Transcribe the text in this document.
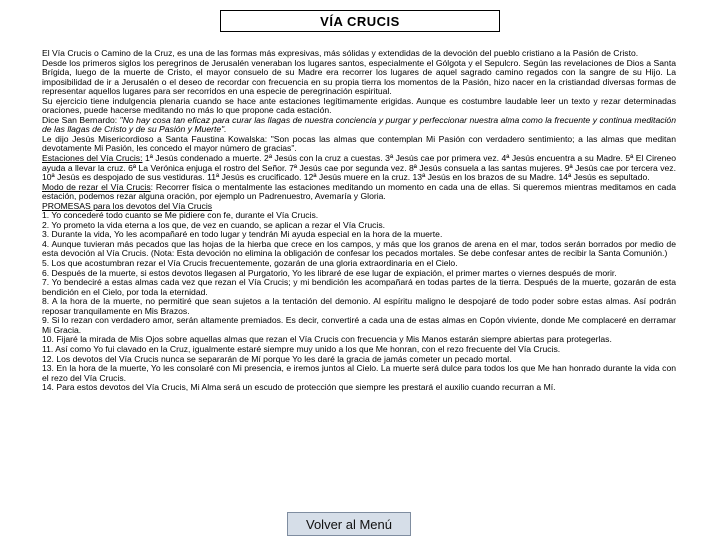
VÍA CRUCIS

El Vía Crucis o Camino de la Cruz, es una de las formas más expresivas, más sólidas y extendidas de la devoción del pueblo cristiano a la Pasión de Cristo.

Desde los primeros siglos los peregrinos de Jerusalén veneraban los lugares santos, especialmente el Gólgota y el Sepulcro. Según las revelaciones de Dios a Santa Brígida, luego de la muerte de Cristo, el mayor consuelo de su Madre era recorrer los lugares de aquel sagrado camino regados con la sangre de su Hijo. La imposibilidad de ir a Jerusalén o el deseo de recordar con frecuencia en su propia tierra los momentos de la Pasión, hizo nacer en la cristiandad diversas formas de representar aquellos lugares para ser recorridos en una especie de peregrinación espiritual.

Su ejercicio tiene indulgencia plenaria cuando se hace ante estaciones legítimamente erigidas. Aunque es costumbre laudable leer un texto y rezar determinadas oraciones, puede hacerse meditando no más lo que propone cada estación.

Dice San Bernardo: "No hay cosa tan eficaz para curar las llagas de nuestra conciencia y purgar y perfeccionar nuestra alma como la frecuente y continua meditación de las llagas de Cristo y de su Pasión y Muerte".

Le dijo Jesús Misericordioso a Santa Faustina Kowalska: "Son pocas las almas que contemplan Mi Pasión con verdadero sentimiento; a las almas que meditan devotamente Mi Pasión, les concedo el mayor número de gracias".

Estaciones del Vía Crucis: 1ª Jesús condenado a muerte. 2ª Jesús con la cruz a cuestas. 3ª Jesús cae por primera vez. 4ª Jesús encuentra a su Madre. 5ª El Cireneo ayuda a llevar la cruz. 6ª La Verónica enjuga el rostro del Señor. 7ª Jesús cae por segunda vez. 8ª Jesús consuela a las santas mujeres. 9ª Jesús cae por tercera vez. 10ª Jesús es despojado de sus vestiduras. 11ª Jesús es crucificado. 12ª Jesús muere en la cruz. 13ª Jesús en los brazos de su Madre. 14ª Jesús es sepultado.

Modo de rezar el Vía Crucis: Recorrer física o mentalmente las estaciones meditando un momento en cada una de ellas. Si queremos mientras meditamos en cada estación, podemos rezar alguna oración, por ejemplo un Padrenuestro, Avemaría y Gloria.

PROMESAS para los devotos del Vía Crucis

1. Yo concederé todo cuanto se Me pidiere con fe, durante el Vía Crucis.

2. Yo prometo la vida eterna a los que, de vez en cuando, se aplican a rezar el Vía Crucis.

3. Durante la vida, Yo les acompañaré en todo lugar y tendrán Mi ayuda especial en la hora de la muerte.

4. Aunque tuvieran más pecados que las hojas de la hierba que crece en los campos, y más que los granos de arena en el mar, todos serán borrados por medio de esta devoción al Vía Crucis. (Nota: Esta devoción no elimina la obligación de confesar los pecados mortales. Se debe confesar antes de recibir la Santa Comunión.)

5. Los que acostumbran rezar el Vía Crucis frecuentemente, gozarán de una gloria extraordinaria en el Cielo.

6. Después de la muerte, si estos devotos llegasen al Purgatorio, Yo les libraré de ese lugar de expiación, el primer martes o viernes después de morir.

7. Yo bendeciré a estas almas cada vez que rezan el Vía Crucis; y mi bendición les acompañará en todas partes de la tierra. Después de la muerte, gozarán de esta bendición en el Cielo, por toda la eternidad.

8. A la hora de la muerte, no permitiré que sean sujetos a la tentación del demonio. Al espíritu maligno le despojaré de todo poder sobre estas almas. Así podrán reposar tranquilamente en Mis Brazos.

9. Si lo rezan con verdadero amor, serán altamente premiados. Es decir, convertiré a cada una de estas almas en Copón viviente, donde Me complaceré en derramar Mi Gracia.

10. Fijaré la mirada de Mis Ojos sobre aquellas almas que rezan el Vía Crucis con frecuencia y Mis Manos estarán siempre abiertas para protegerlas.

11. Así como Yo fui clavado en la Cruz, igualmente estaré siempre muy unido a los que Me honran, con el rezo frecuente del Vía Crucis.

12. Los devotos del Vía Crucis nunca se separarán de Mí porque Yo les daré la gracia de jamás cometer un pecado mortal.

13. En la hora de la muerte, Yo les consolaré con Mi presencia, e iremos juntos al Cielo. La muerte será dulce para todos los que Me han honrado durante la vida con el rezo del Vía Crucis.

14. Para estos devotos del Vía Crucis, Mi Alma será un escudo de protección que siempre les prestará el auxilio cuando recurran a Mí.

Volver al Menú
